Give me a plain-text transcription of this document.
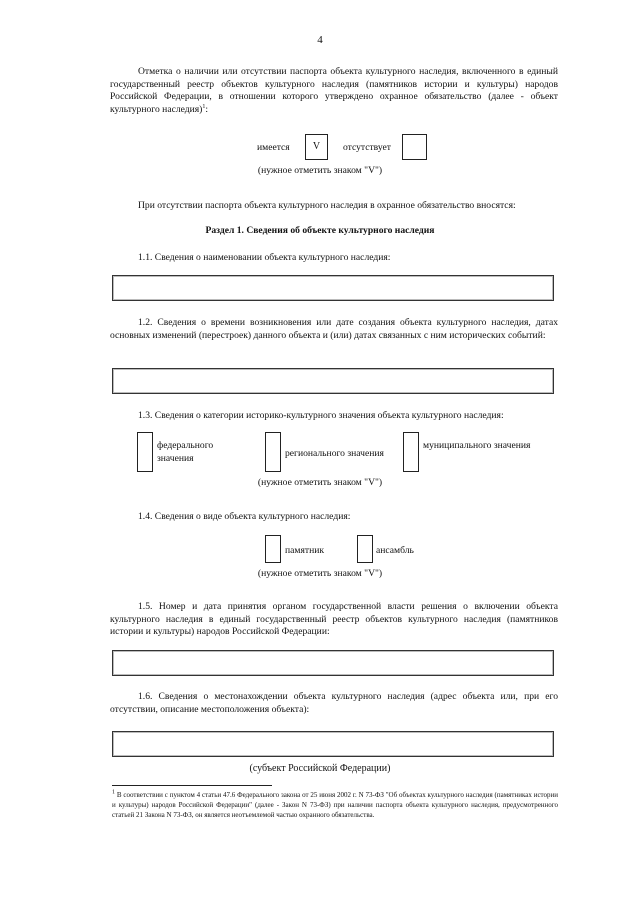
4
Отметка о наличии или отсутствии паспорта объекта культурного наследия, включенного в единый государственный реестр объектов культурного наследия (памятников истории и культуры) народов Российской Федерации, в отношении которого утверждено охранное обязательство (далее - объект культурного наследия)$^1$:
имеется	V	отсутствует
(нужное отметить знаком "V")
При отсутствии паспорта объекта культурного наследия в охранное обязательство вносятся:
Раздел 1. Сведения об объекте культурного наследия
1.1. Сведения о наименовании объекта культурного наследия:
1.2. Сведения о времени возникновения или дате создания объекта культурного наследия, датах основных изменений (перестроек) данного объекта и (или) датах связанных с ним исторических событий:
1.3. Сведения о категории историко-культурного значения объекта культурного наследия:
федерального
значения	регионального значения
муниципального значения
(нужное отметить знаком "V")
1.4. Сведения о виде объекта культурного наследия:
памятник	ансамбль
(нужное отметить знаком "V")
1.5. Номер и дата принятия органом государственной власти решения о включении объекта культурного наследия в единый государственный реестр объектов культурного наследия (памятников истории и культуры) народов Российской Федерации:
1.6. Сведения о местонахождении объекта культурного наследия (адрес объекта или, при его отсутствии, описание местоположения объекта):
(субъект Российской Федерации)
$^1$ В соответствии с пунктом 4 статьи 47.6 Федерального закона от 25 июня 2002 г. N 73-ФЗ "Об объектах культурного наследия (памятниках истории и культуры) народов Российской Федерации" (далее - Закон N 73-ФЗ) при наличии паспорта объекта культурного наследия, предусмотренного статьей 21 Закона N 73-ФЗ, он является неотъемлемой частью охранного обязательства.
